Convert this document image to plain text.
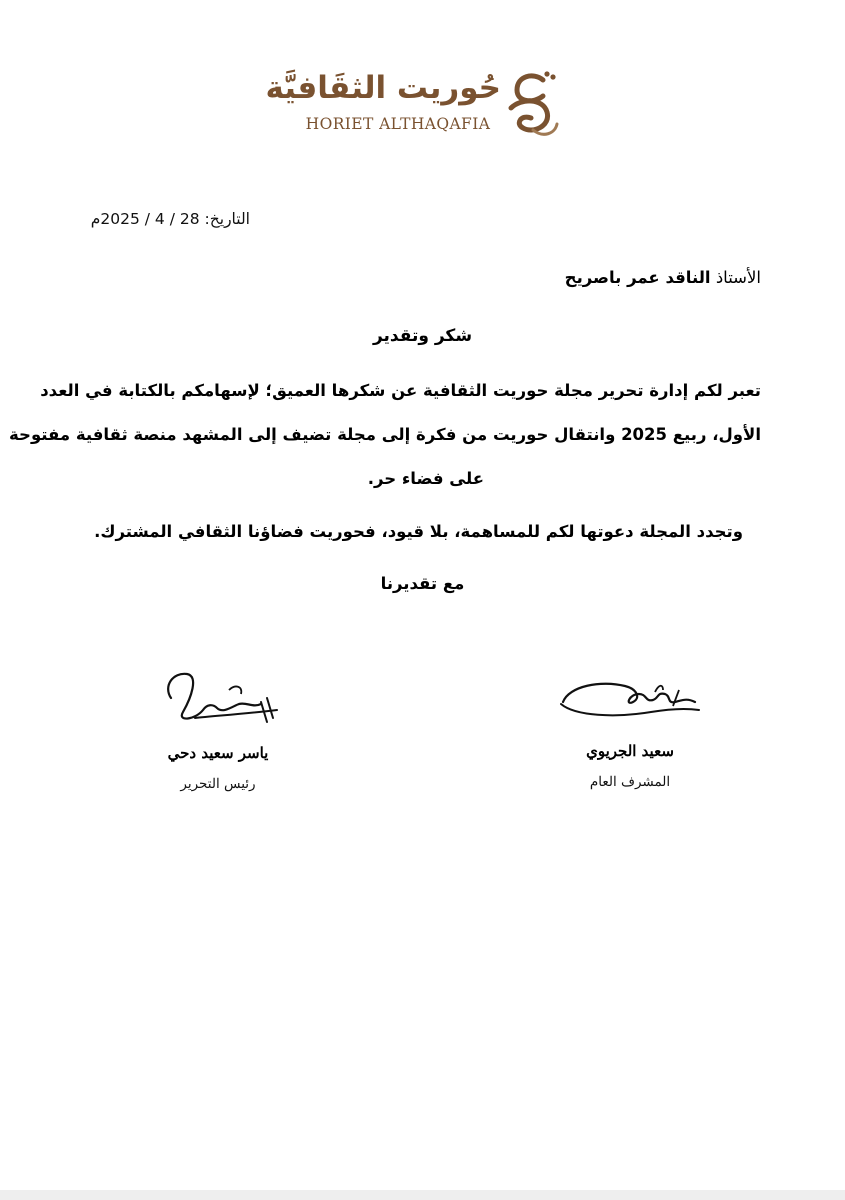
حُوريت الثقَافيَّة
HORIET ALTHAQAFIA
التاريخ: 28 / 4 / 2025م
الأستاذ الناقد عمر باصريح
شكر وتقدير
تعبر لكم إدارة تحرير مجلة حوريت الثقافية عن شكرها العميق؛ لإسهامكم بالكتابة في العدد
الأول، ربيع 2025 وانتقال حوريت من فكرة إلى مجلة تضيف إلى المشهد منصة ثقافية مفتوحة
على فضاء حر.
وتجدد المجلة دعوتها لكم للمساهمة، بلا قيود، فحوريت فضاؤنا الثقافي المشترك.
مع تقديرنا
سعيد الجريوي
المشرف العام
ياسر سعيد دحي
رئيس التحرير
